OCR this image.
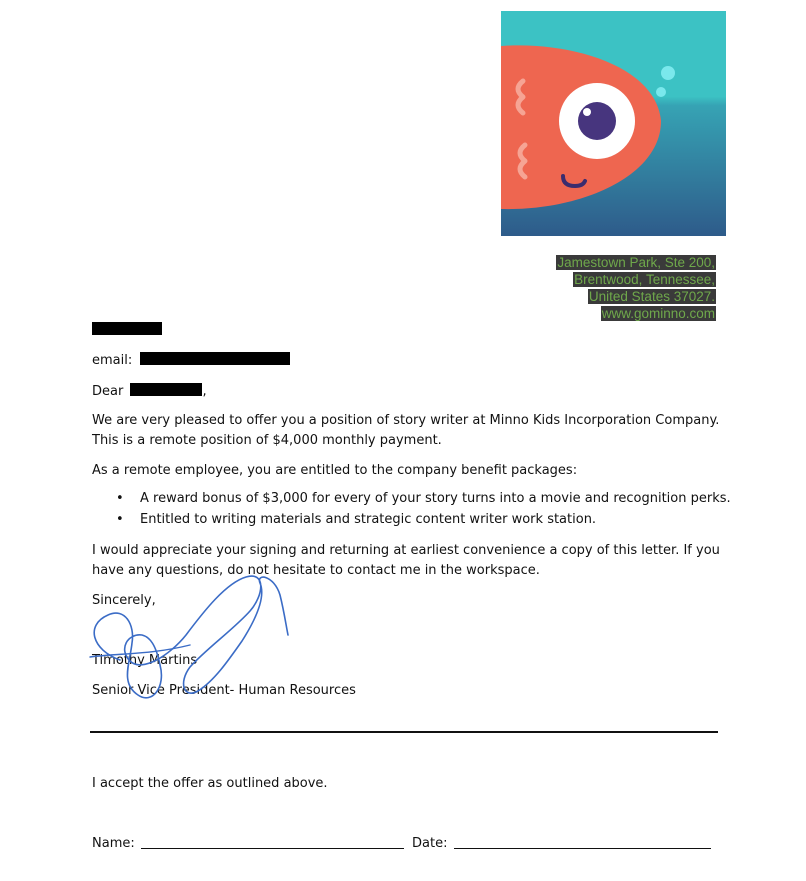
Jamestown Park, Ste 200,
Brentwood, Tennessee,
United States 37027.
www.gominno.com
email:
Dear	,
We are very pleased to offer you a position of story writer at Minno Kids Incorporation Company. This is a remote position of $4,000 monthly payment.
As a remote employee, you are entitled to the company benefit packages:
• A reward bonus of $3,000 for every of your story turns into a movie and recognition perks.
• Entitled to writing materials and strategic content writer work station.
I would appreciate your signing and returning at earliest convenience a copy of this letter. If you have any questions, do not hesitate to contact me in the workspace.
Sincerely,
Timothy Martins
Senior Vice President- Human Resources
I accept the offer as outlined above.
Name:	Date:
